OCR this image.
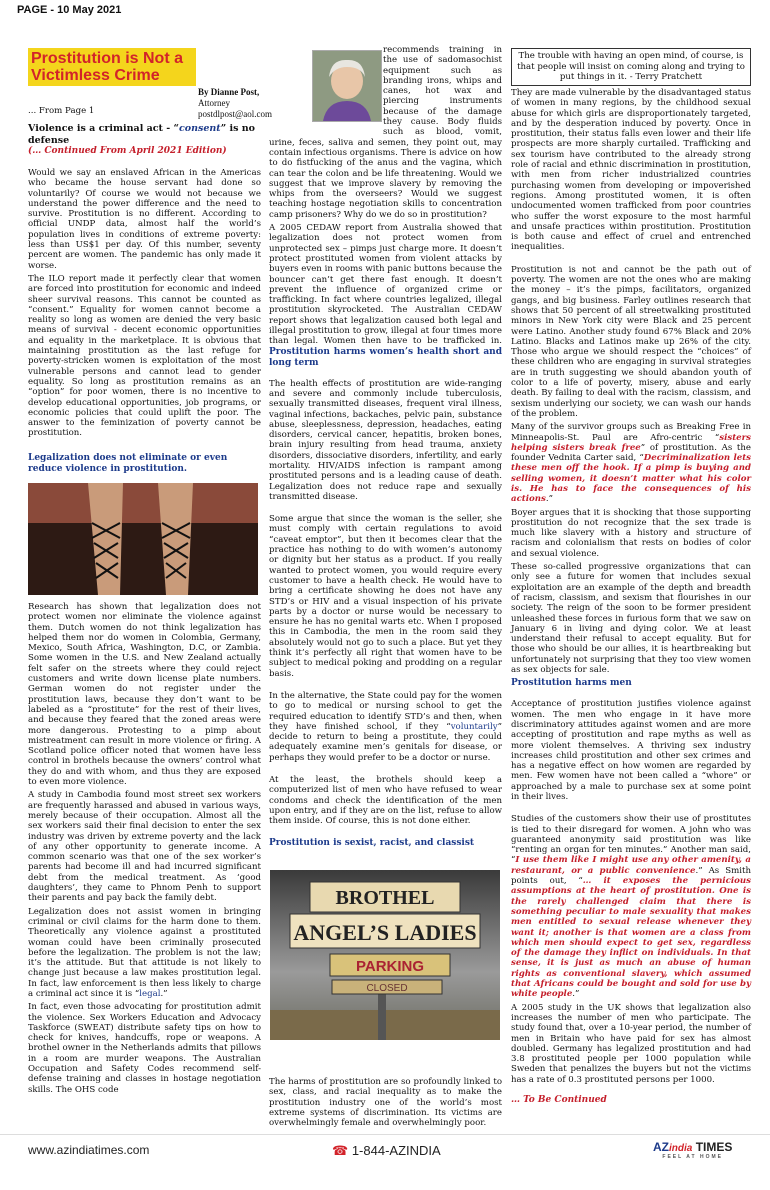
PAGE - 10 May 2021
Prostitution is Not a Victimless Crime
By Dianne Post,
Attorney
postdlpost@aol.com
... From Page 1
The trouble with having an open mind, of course, is that people will insist on coming along and trying to put things in it. - Terry Pratchett

Violence is a criminal act - “consent” is no defense

(… Continued From April 2021 Edition)

Would we say an enslaved African in the Americas who became the house servant had done so voluntarily? Of course we would not because we understand the power difference and the need to survive. Prostitution is no different. According to official UNDP data, almost half the world’s population lives in conditions of extreme poverty: less than US$1 per day. Of this number, seventy percent are women. The pandemic has only made it worse.

The ILO report made it perfectly clear that women are forced into prostitution for economic and indeed sheer survival reasons. This cannot be counted as “consent.” Equality for women cannot become a reality so long as women are denied the very basic means of survival - decent economic opportunities and equality in the marketplace. It is obvious that maintaining prostitution as the last refuge for poverty-stricken women is exploitation of the most vulnerable persons and cannot lead to gender equality. So long as prostitution remains as an “option” for poor women, there is no incentive to develop educational opportunities, job programs, or economic policies that could uplift the poor. The answer to the feminization of poverty cannot be prostitution.

Legalization does not eliminate or even reduce violence in prostitution.

Research has shown that legalization does not protect women nor eliminate the violence against them. Dutch women do not think legalization has helped them nor do women in Colombia, Germany, Mexico, South Africa, Washington, D.C, or Zambia. Some women in the U.S. and New Zealand actually felt safer on the streets where they could reject customers and write down license plate numbers. German women do not register under the prostitution laws, because they don’t want to be labeled as a “prostitute” for the rest of their lives, and because they feared that the zoned areas were more dangerous. Protesting to a pimp about mistreatment can result in more violence or firing. A Scotland police officer noted that women have less control in brothels because the owners’ control what they do and with whom, and thus they are exposed to even more violence.

A study in Cambodia found most street sex workers are frequently harassed and abused in various ways, merely because of their occupation. Almost all the sex workers said their final decision to enter the sex industry was driven by extreme poverty and the lack of any other opportunity to generate income. A common scenario was that one of the sex worker’s parents had become ill and had incurred significant debt from the medical treatment. As ‘good daughters’, they came to Phnom Penh to support their parents and pay back the family debt.

Legalization does not assist women in bringing criminal or civil claims for the harm done to them. Theoretically any violence against a prostituted woman could have been criminally prosecuted before the legalization. The problem is not the law; it’s the attitude. But that attitude is not likely to change just because a law makes prostitution legal. In fact, law enforcement is then less likely to charge a criminal act since it is “legal.”

In fact, even those advocating for prostitution admit the violence. Sex Workers Education and Advocacy Taskforce (SWEAT) distribute safety tips on how to check for knives, handcuffs, rope or weapons. A brothel owner in the Netherlands admits that pillows in a room are murder weapons. The Australian Occupation and Safety Codes recommend self-defense training and classes in hostage negotiation skills. The OHS code

recommends training in the use of sadomasochist equipment such as branding irons, whips and canes, hot wax and piercing instruments because of the damage they cause. Body fluids such as blood, vomit, urine, feces, saliva and semen, they point out, may contain infectious organisms. There is advice on how to do fistfucking of the anus and the vagina, which can tear the colon and be life threatening. Would we suggest that we improve slavery by removing the whips from the overseers? Would we suggest teaching hostage negotiation skills to concentration camp prisoners? Why do we do so in prostitution?

A 2005 CEDAW report from Australia showed that legalization does not protect women from unprotected sex – pimps just charge more. It doesn’t protect prostituted women from violent attacks by buyers even in rooms with panic buttons because the bouncer can’t get there fast enough. It doesn’t prevent the influence of organized crime or trafficking. In fact where countries legalized, illegal prostitution skyrocketed. The Australian CEDAW report shows that legalization caused both legal and illegal prostitution to grow, illegal at four times more than legal. Women then have to be trafficked in. Prostitution harms women’s health short and long term

The health effects of prostitution are wide-ranging and severe and commonly include tuberculosis, sexually transmitted diseases, frequent viral illness, vaginal infections, backaches, pelvic pain, substance abuse, sleeplessness, depression, headaches, eating disorders, cervical cancer, hepatitis, broken bones, brain injury resulting from head trauma, anxiety disorders, dissociative disorders, infertility, and early mortality. HIV/AIDS infection is rampant among prostituted persons and is a leading cause of death. Legalization does not reduce rape and sexually transmitted disease.

Some argue that since the woman is the seller, she must comply with certain regulations to avoid “caveat emptor”, but then it becomes clear that the practice has nothing to do with women’s autonomy or dignity but her status as a product. If you really wanted to protect women, you would require every customer to have a health check. He would have to bring a certificate showing he does not have any STD’s or HIV and a visual inspection of his private parts by a doctor or nurse would be necessary to ensure he has no genital warts etc. When I proposed this in Cambodia, the men in the room said they absolutely would not go to such a place. But yet they think it’s perfectly all right that women have to be subject to medical poking and prodding on a regular basis.

In the alternative, the State could pay for the women to go to medical or nursing school to get the required education to identify STD’s and then, when they have finished school, if they “voluntarily” decide to return to being a prostitute, they could adequately examine men’s genitals for disease, or perhaps they would prefer to be a doctor or nurse.

At the least, the brothels should keep a computerized list of men who have refused to wear condoms and check the identification of the men upon entry, and if they are on the list, refuse to allow them inside. Of course, this is not done either.

Prostitution is sexist, racist, and classist

BROTHEL
ANGEL’S LADIES
PARKING
CLOSED

The harms of prostitution are so profoundly linked to sex, class, and racial inequality as to make the prostitution industry one of the world’s most extreme systems of discrimination. Its victims are overwhelmingly female and overwhelmingly poor.

They are made vulnerable by the disadvantaged status of women in many regions, by the childhood sexual abuse for which girls are disproportionately targeted, and by the desperation induced by poverty. Once in prostitution, their status falls even lower and their life prospects are more sharply curtailed. Trafficking and sex tourism have contributed to the already strong role of racial and ethnic discrimination in prostitution, with men from richer industrialized countries purchasing women from developing or impoverished regions. Among prostituted women, it is often undocumented women trafficked from poor countries who suffer the worst exposure to the most harmful and unsafe practices within prostitution. Prostitution is both cause and effect of cruel and entrenched inequalities.

Prostitution is not and cannot be the path out of poverty. The women are not the ones who are making the money – it’s the pimps, facilitators, organized gangs, and big business. Farley outlines research that shows that 50 percent of all streetwalking prostituted minors in New York city were Black and 25 percent were Latino. Another study found 67% Black and 20% Latino. Blacks and Latinos make up 26% of the city. Those who argue we should respect the “choices” of these children who are engaging in survival strategies are in truth suggesting we should abandon youth of color to a life of poverty, misery, abuse and early death. By failing to deal with the racism, classism, and sexism underlying our society, we can wash our hands of the problem.

Many of the survivor groups such as Breaking Free in Minneapolis-St. Paul are Afro-centric “sisters helping sisters break free” of prostitution. As the founder Vednita Carter said, “Decriminalization lets these men off the hook. If a pimp is buying and selling women, it doesn’t matter what his color is. He has to face the consequences of his actions.”

Boyer argues that it is shocking that those supporting prostitution do not recognize that the sex trade is much like slavery with a history and structure of racism and colonialism that rests on bodies of color and sexual violence.

These so-called progressive organizations that can only see a future for women that includes sexual exploitation are an example of the depth and breadth of racism, classism, and sexism that flourishes in our society. The reign of the soon to be former president unleashed these forces in furious form that we saw on January 6 in living and dying color. We at least understand their refusal to accept equality. But for those who should be our allies, it is heartbreaking but unfortunately not surprising that they too view women as sex objects for sale.

Prostitution harms men

Acceptance of prostitution justifies violence against women. The men who engage in it have more discriminatory attitudes against women and are more accepting of prostitution and rape myths as well as more violent themselves. A thriving sex industry increases child prostitution and other sex crimes and has a negative effect on how women are regarded by men. Few women have not been called a “whore” or approached by a male to purchase sex at some point in their lives.

Studies of the customers show their use of prostitutes is tied to their disregard for women. A john who was guaranteed anonymity said prostitution was like “renting an organ for ten minutes.” Another man said, “I use them like I might use any other amenity, a restaurant, or a public convenience.” As Smith points out, “… it exposes the pernicious assumptions at the heart of prostitution. One is the rarely challenged claim that there is something peculiar to male sexuality that makes men entitled to sexual release whenever they want it; another is that women are a class from which men should expect to get sex, regardless of the damage they inflict on individuals. In that sense, it is just as much an abuse of human rights as conventional slavery, which assumed that Africans could be bought and sold for use by white people.”

A 2005 study in the UK shows that legalization also increases the number of men who participate. The study found that, over a 10-year period, the number of men in Britain who have paid for sex has almost doubled. Germany has legalized prostitution and had 3.8 prostituted people per 1000 population while Sweden that penalizes the buyers but not the victims has a rate of 0.3 prostituted persons per 1000.

… To Be Continued

www.azindiatimes.com	☎ 1-844-AZINDIA	AZindia TIMES
FEEL AT HOME
